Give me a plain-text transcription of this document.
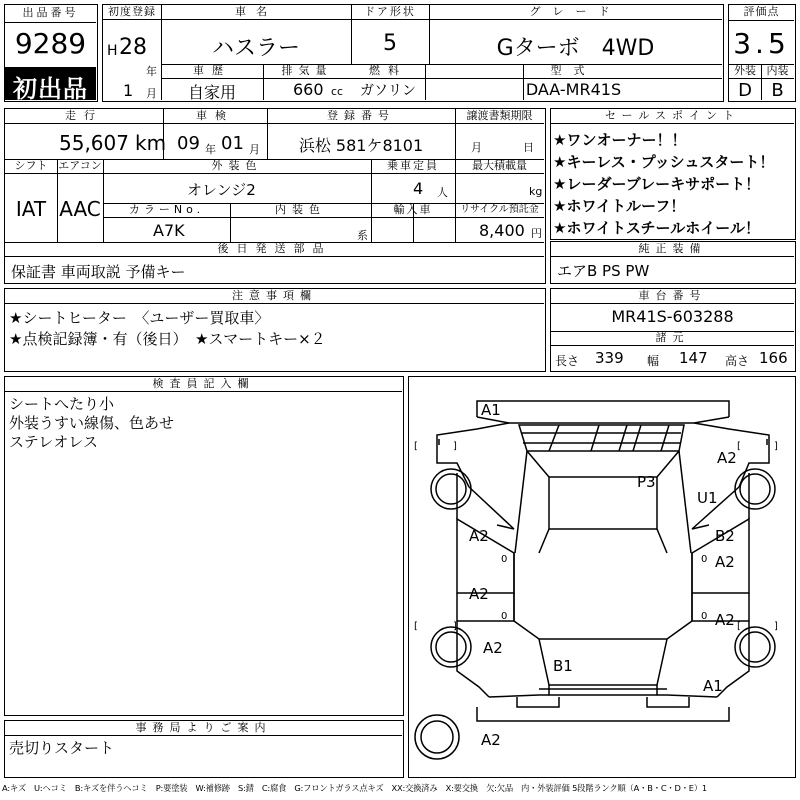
出品番号
9289
初出品
初度登録
H 28
年
1 月
車名
ハスラー
ドア形状
5
グレード
Gターボ　4WD
車歴
自家用
排気量
660 cc
燃料
ガソリン
型式
DAA-MR41S
評価点
3.5
外装 内装
D	B
走行
55,607 km
車検
09 年 01 月
登録番号
浜松 581ケ8101
譲渡書類期限
月	日
シフト
IAT
エアコン
AAC
外装色
オレンジ2
乗車定員
4 人
最大積載量
kg
カラーNo.
A7K
内装色
系
輸入車	リサイクル預託金
8,400 円
後日発送部品
保証書 車両取説 予備キー
セールスポイント
★ワンオーナー！！
★キーレス・プッシュスタート！
★レーダーブレーキサポート！
★ホワイトルーフ！
★ホワイトスチールホイール！
純正装備
エアB PS PW
注意事項欄
★シートヒーター　〈ユーザー買取車〉
★点検記録簿・有（後日）　★スマートキー×２
車台番号
MR41S-603288
諸元
長さ 339 幅 147 高さ 166
検査員記入欄
シートへたり小
外装うすい線傷、色あせ
ステレオレス
事務局よりご案内
売切りスタート
[	]	[	]
[	]	[	]
0
0
0
0
A1
A2
P3
U1
A2	B2
A2
A2
A2
A2
B1
A1
A2
A:キズ　U:ヘコミ　B:キズを伴うヘコミ　P:要塗装　W:補修跡　S:錆　C:腐食　G:フロントガラス点キズ　XX:交換済み　X:要交換　欠:欠品　内・外装評価 5段階ランク順（A・B・C・D・E）1
